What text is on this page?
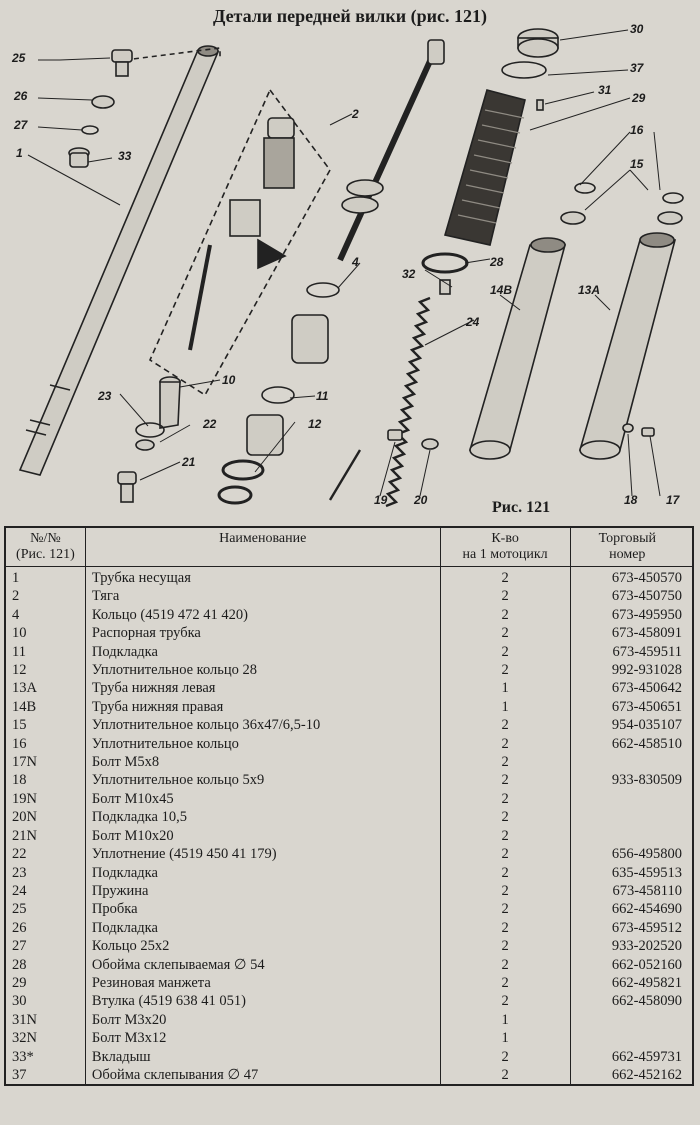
Детали передней вилки (рис. 121)
25
26
27
1	33
2
30
37
31
29
16
15
4
32
28
24
14B	13A
10
23
22
11
12
21
19 20	18 17
Рис. 121
№/№
(Рис. 121)	Наименование	К-во
на 1 мотоцикл	Торговый
номер
1	Трубка несущая	2	673-450570
2	Тяга	2	673-450750
4	Кольцо (4519 472 41 420)	2	673-495950
10	Распорная трубка	2	673-458091
11	Подкладка	2	673-459511
12	Уплотнительное кольцо 28	2	992-931028
13A	Труба нижняя левая	1	673-450642
14B	Труба нижняя правая	1	673-450651
15	Уплотнительное кольцо 36x47/6,5-10	2	954-035107
16	Уплотнительное кольцо	2	662-458510
17N	Болт M5x8	2	
18	Уплотнительное кольцо 5x9	2	933-830509
19N	Болт M10x45	2	
20N	Подкладка 10,5	2	
21N	Болт M10x20	2	
22	Уплотнение (4519 450 41 179)	2	656-495800
23	Подкладка	2	635-459513
24	Пружина	2	673-458110
25	Пробка	2	662-454690
26	Подкладка	2	673-459512
27	Кольцо 25x2	2	933-202520
28	Обойма склепываемая ∅ 54	2	662-052160
29	Резиновая манжета	2	662-495821
30	Втулка (4519 638 41 051)	2	662-458090
31N	Болт M3x20	1	
32N	Болт M3x12	1	
33*	Вкладыш	2	662-459731
37	Обойма склепывания ∅ 47	2	662-452162
